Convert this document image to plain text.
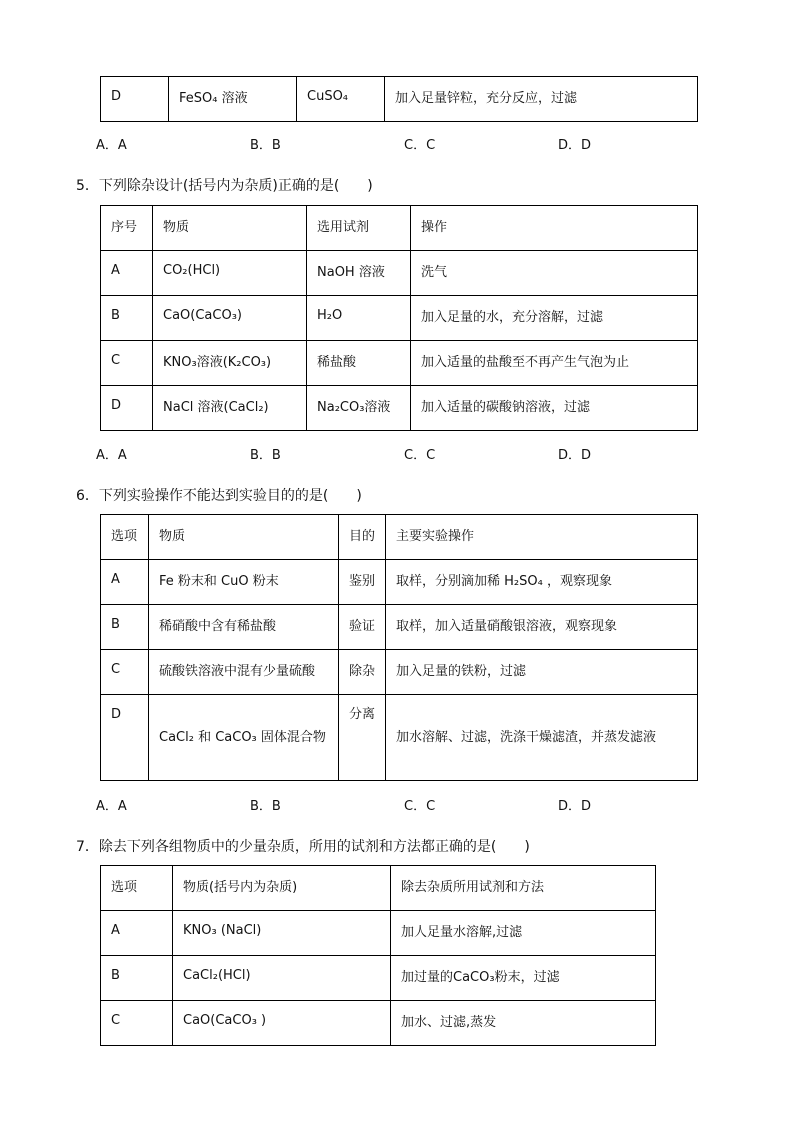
D	FeSO₄ 溶液	CuSO₄	加入足量锌粒，充分反应，过滤
A．A	B．B	C．C	D．D
5．下列除杂设计(括号内为杂质)正确的是(　　)
序号	物质	选用试剂	操作
A	CO₂(HCl)	NaOH 溶液	洗气
B	CaO(CaCO₃)	H₂O	加入足量的水，充分溶解，过滤
C	KNO₃溶液(K₂CO₃)	稀盐酸	加入适量的盐酸至不再产生气泡为止
D	NaCl 溶液(CaCl₂)	Na₂CO₃溶液	加入适量的碳酸钠溶液，过滤
A．A	B．B	C．C	D．D
6．下列实验操作不能达到实验目的的是(　　)
选项	物质	目的	主要实验操作
A	Fe 粉末和 CuO 粉末	鉴别	取样，分别滴加稀 H₂SO₄ ，观察现象
B	稀硝酸中含有稀盐酸	验证	取样，加入适量硝酸银溶液，观察现象
C	硫酸铁溶液中混有少量硫酸	除杂	加入足量的铁粉，过滤
D	CaCl₂ 和 CaCO₃ 固体混合物	分离	加水溶解、过滤，洗涤干燥滤渣，并蒸发滤液
A．A	B．B	C．C	D．D
7．除去下列各组物质中的少量杂质，所用的试剂和方法都正确的是(　　)
选项	物质(括号内为杂质)	除去杂质所用试剂和方法
A	KNO₃ (NaCl)	加人足量水溶解,过滤
B	CaCl₂(HCl)	加过量的CaCO₃粉末，过滤
C	CaO(CaCO₃ )	加水、过滤,蒸发
